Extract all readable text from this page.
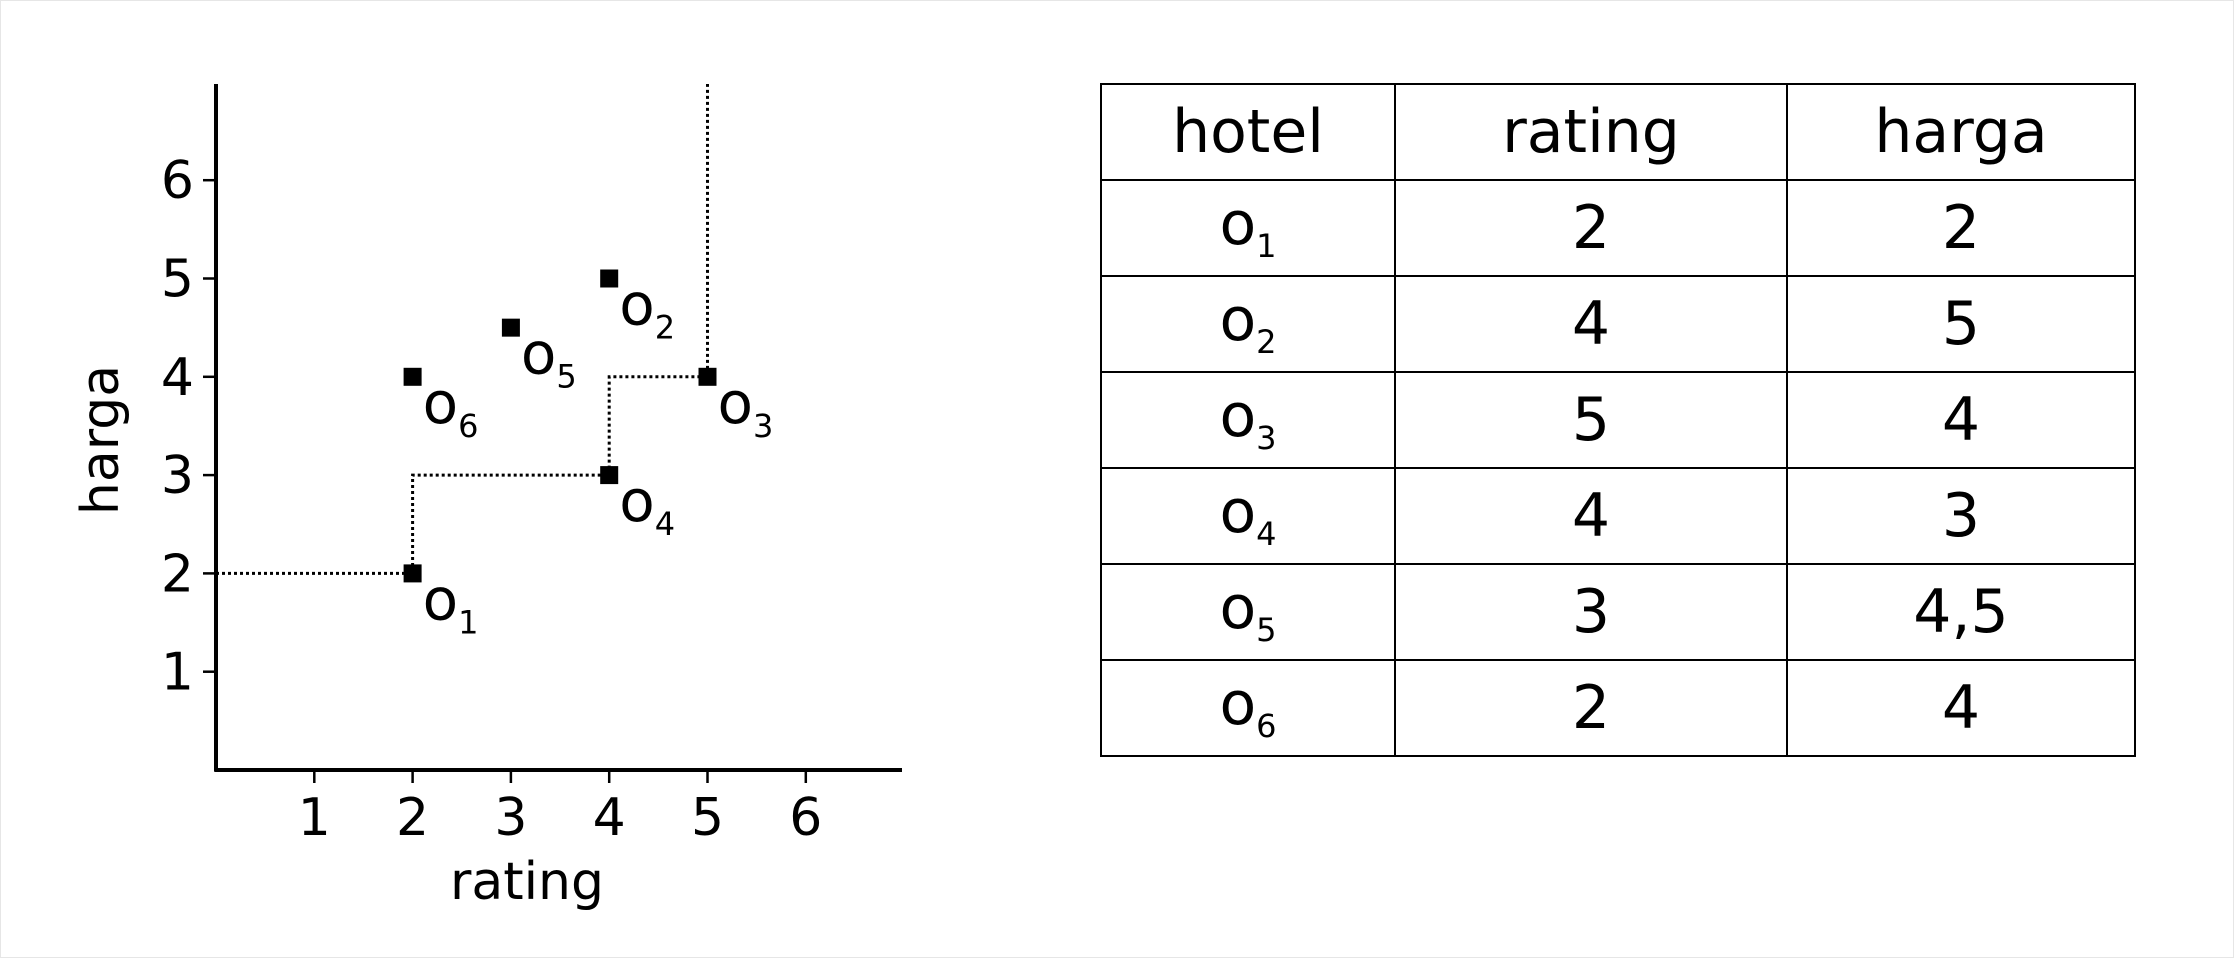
1 2 3 4 5 6
1
2
3
4
5
6
$o_1$
$o_2$
$o_3$
$o_4$
$o_5$
$o_6$
rating
harga
hotel	rating	harga
$o_1$	2	2
$o_2$	4	5
$o_3$	5	4
$o_4$	4	3
$o_5$	3	4,5
$o_6$	2	4
